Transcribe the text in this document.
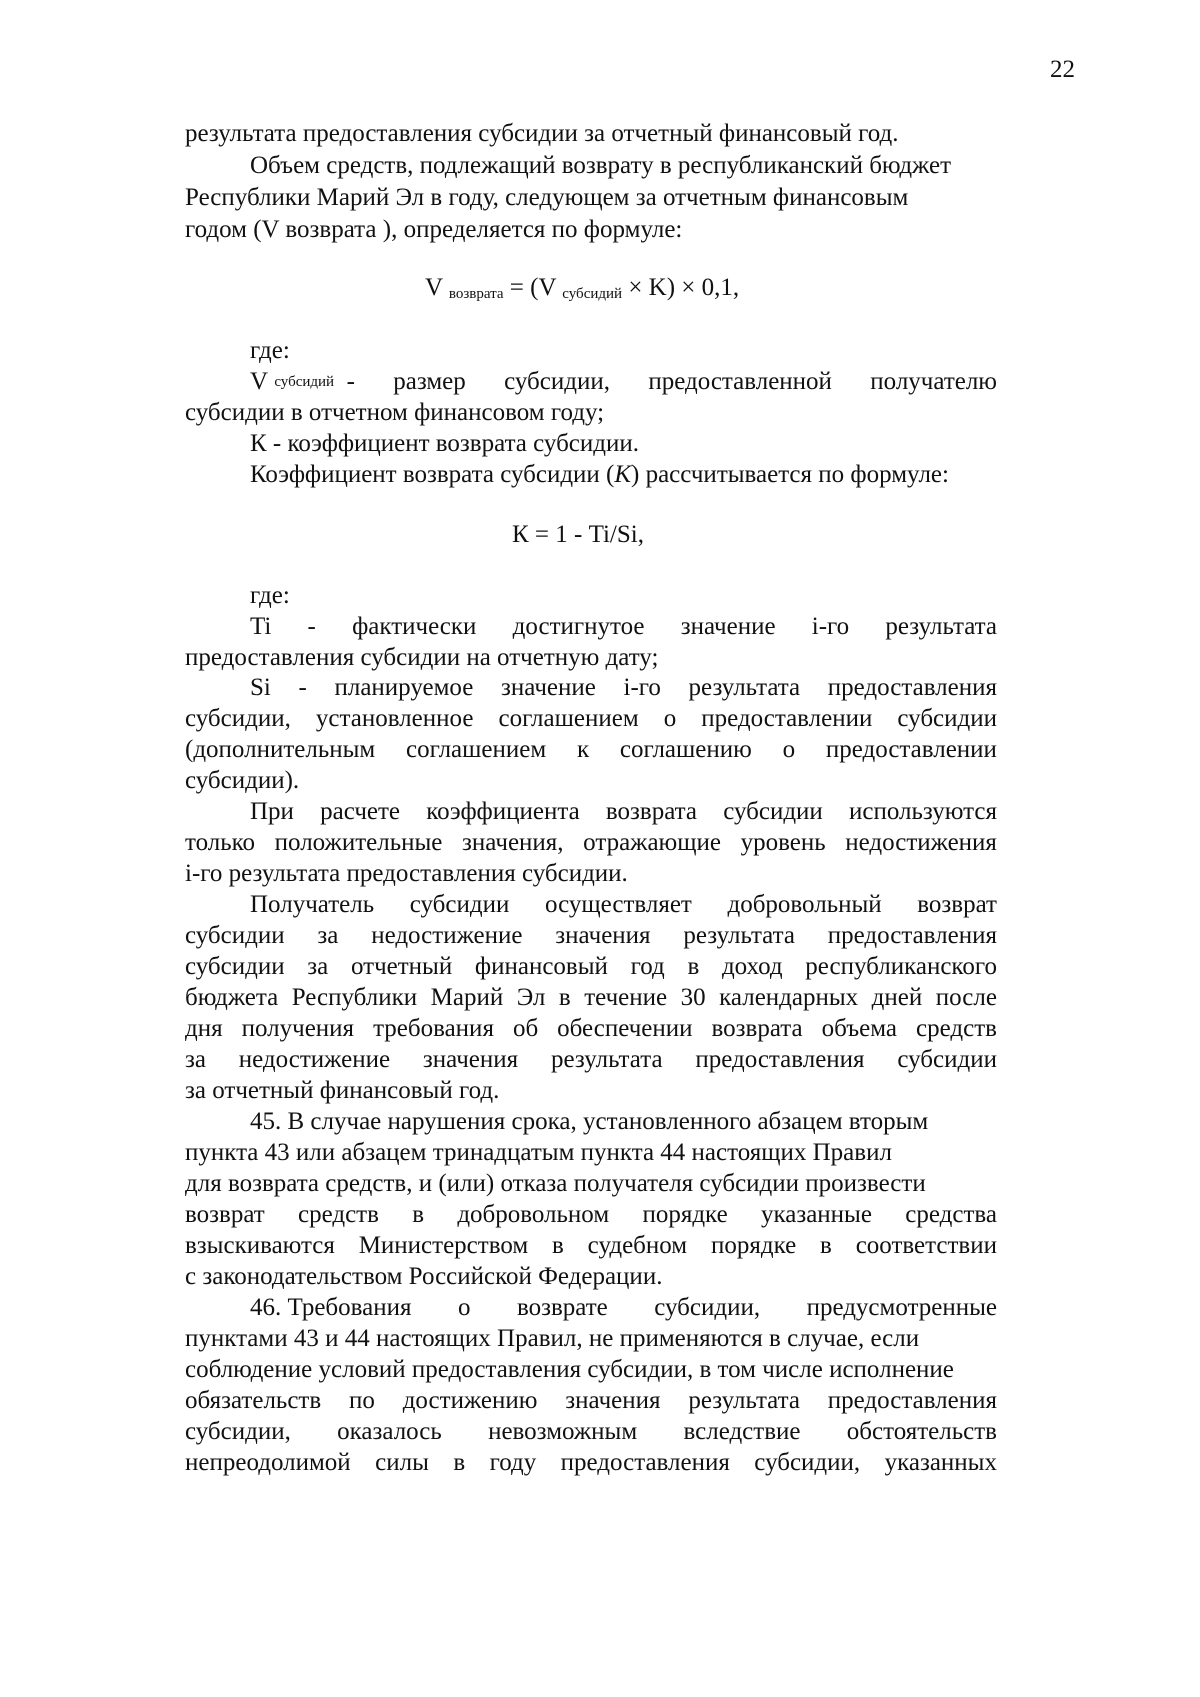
22
результата предоставления субсидии за отчетный финансовый год.
Объем средств, подлежащий возврату в республиканский бюджет
Республики Марий Эл в году, следующем за отчетным финансовым
годом (V возврата ), определяется по формуле:
V $_{возврата}$ = (V $_{субсидий}$ × K) × 0,1,
где:
V
субсидий
- размер субсидии, предоставленной получателю
субсидии в отчетном финансовом году;
К - коэффициент возврата субсидии.
Коэффициент возврата субсидии (К) рассчитывается по формуле:
К = 1 - Ti/Si,
где:
Ti - фактически достигнутое значение i-го результата
предоставления субсидии на отчетную дату;
Si - планируемое значение i-го результата предоставления
субсидии, установленное соглашением о предоставлении субсидии
(дополнительным соглашением к соглашению о предоставлении
субсидии).
При расчете коэффициента возврата субсидии используются
только положительные значения, отражающие уровень недостижения
i-го результата предоставления субсидии.
Получатель субсидии осуществляет добровольный возврат
субсидии за недостижение значения результата предоставления
субсидии за отчетный финансовый год в доход республиканского
бюджета Республики Марий Эл в течение 30 календарных дней после
дня получения требования об обеспечении возврата объема средств
за недостижение значения результата предоставления субсидии
за отчетный финансовый год.
45. В случае нарушения срока, установленного абзацем вторым
пункта 43 или абзацем тринадцатым пункта 44 настоящих Правил
для возврата средств, и (или) отказа получателя субсидии произвести
возврат средств в добровольном порядке указанные средства
взыскиваются Министерством в судебном порядке в соответствии
с законодательством Российской Федерации.
46. Требования о возврате субсидии, предусмотренные
пунктами 43 и 44 настоящих Правил, не применяются в случае, если
соблюдение условий предоставления субсидии, в том числе исполнение
обязательств по достижению значения результата предоставления
субсидии, оказалось невозможным вследствие обстоятельств
непреодолимой силы в году предоставления субсидии, указанных
